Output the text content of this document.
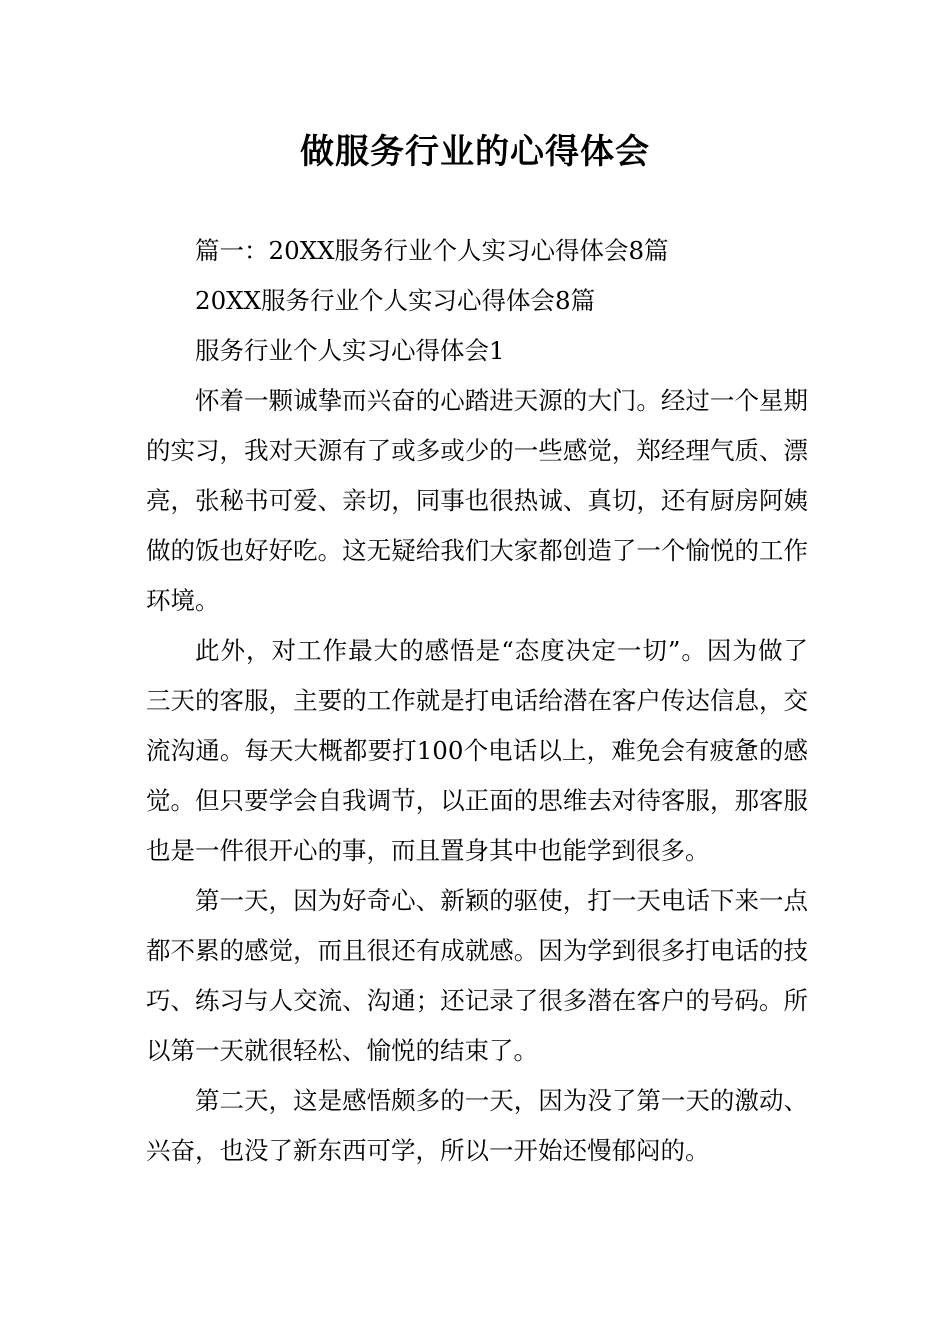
做服务行业的心得体会

篇一：20XX服务行业个人实习心得体会8篇

20XX服务行业个人实习心得体会8篇

服务行业个人实习心得体会1

怀着一颗诚挚而兴奋的心踏进天源的大门。经过一个星期的实习，我对天源有了或多或少的一些感觉，郑经理气质、漂亮，张秘书可爱、亲切，同事也很热诚、真切，还有厨房阿姨做的饭也好好吃。这无疑给我们大家都创造了一个愉悦的工作环境。

此外，对工作最大的感悟是“态度决定一切”。因为做了三天的客服，主要的工作就是打电话给潜在客户传达信息，交流沟通。每天大概都要打100个电话以上，难免会有疲惫的感觉。但只要学会自我调节，以正面的思维去对待客服，那客服也是一件很开心的事，而且置身其中也能学到很多。

第一天，因为好奇心、新颖的驱使，打一天电话下来一点都不累的感觉，而且很还有成就感。因为学到很多打电话的技巧、练习与人交流、沟通；还记录了很多潜在客户的号码。所以第一天就很轻松、愉悦的结束了。

第二天，这是感悟颇多的一天，因为没了第一天的激动、兴奋，也没了新东西可学，所以一开始还慢郁闷的。
